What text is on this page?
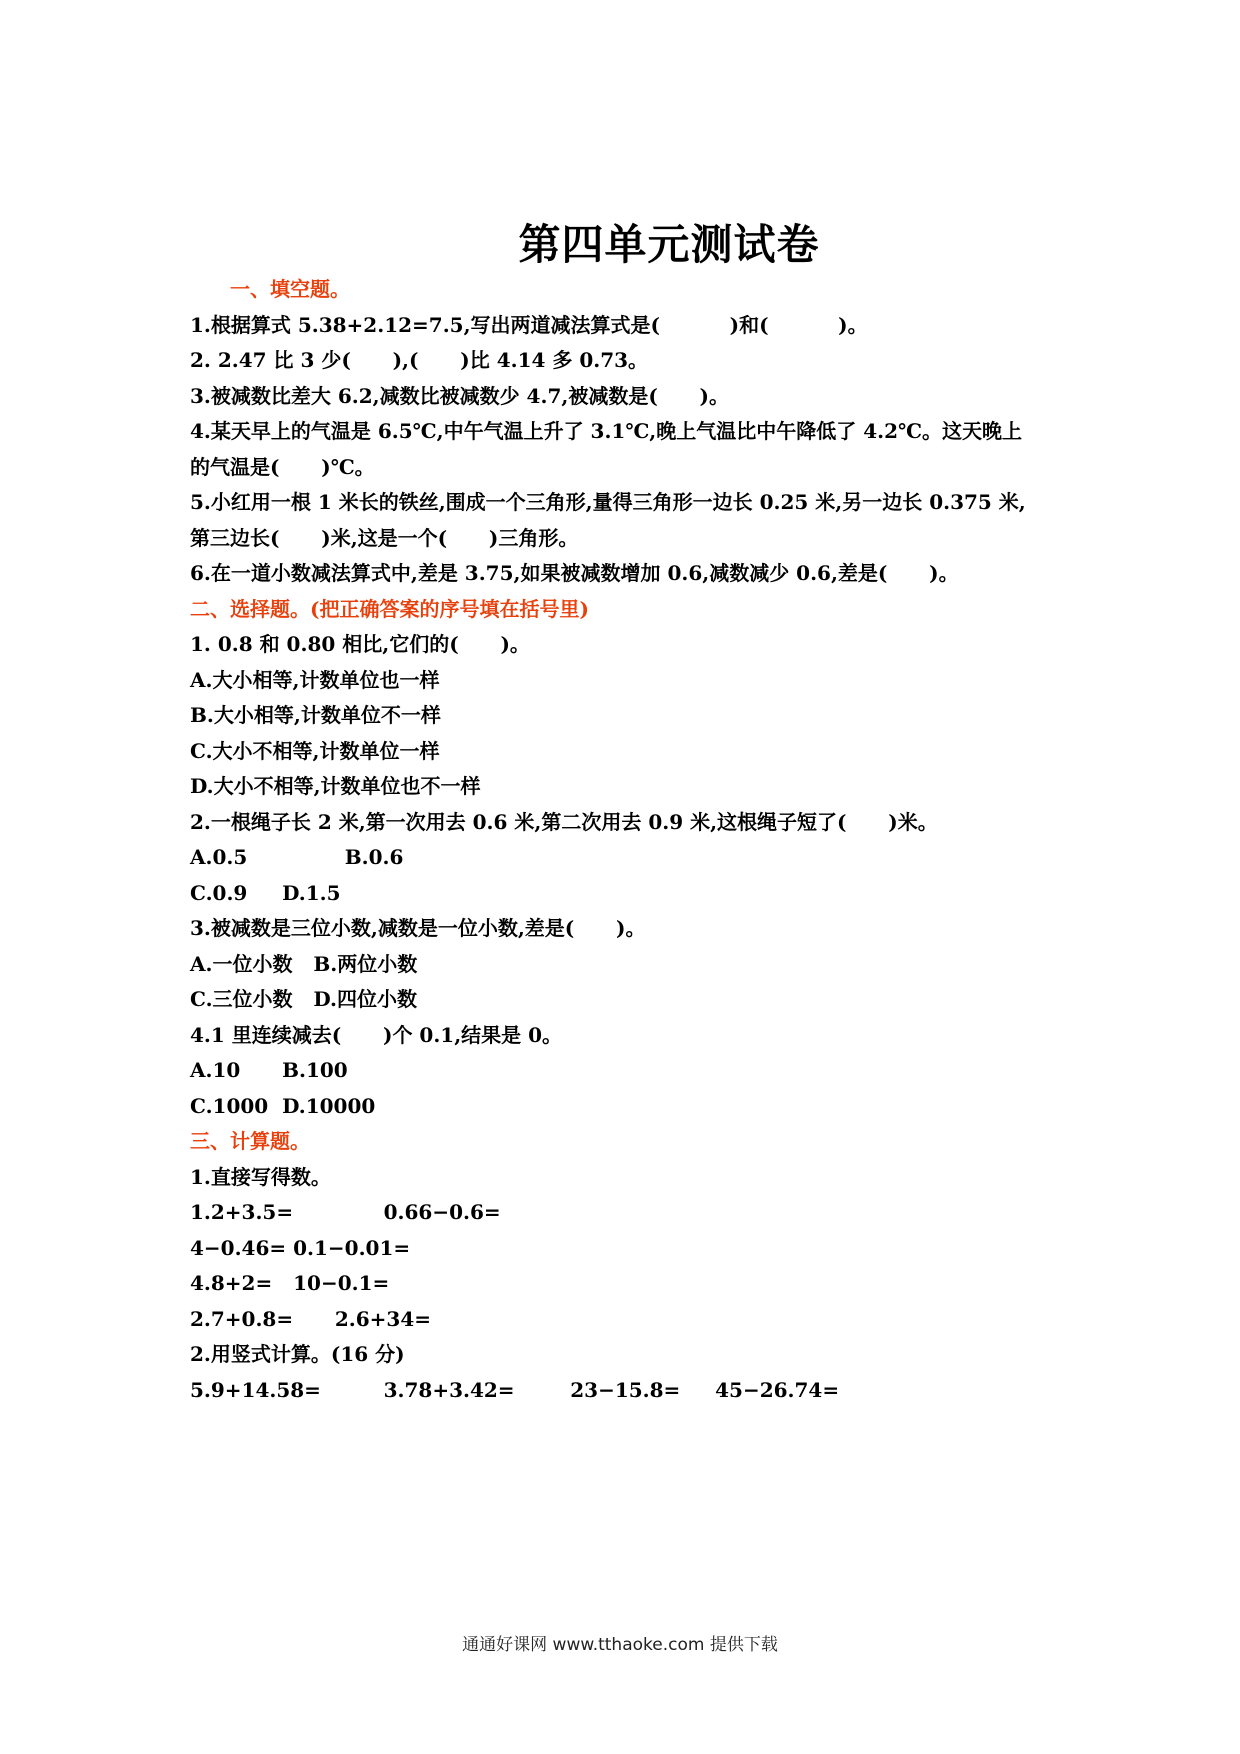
第四单元测试卷
一、填空题。
1.根据算式 5.38+2.12=7.5,写出两道减法算式是(          )和(          )。
2. 2.47 比 3 少(      ),(      )比 4.14 多 0.73。
3.被减数比差大 6.2,减数比被减数少 4.7,被减数是(      )。
4.某天早上的气温是 6.5℃,中午气温上升了 3.1℃,晚上气温比中午降低了 4.2℃。这天晚上
的气温是(      )℃。
5.小红用一根 1 米长的铁丝,围成一个三角形,量得三角形一边长 0.25 米,另一边长 0.375 米,
第三边长(      )米,这是一个(      )三角形。
6.在一道小数减法算式中,差是 3.75,如果被减数增加 0.6,减数减少 0.6,差是(      )。
二、选择题。(把正确答案的序号填在括号里)
1. 0.8 和 0.80 相比,它们的(      )。
A.大小相等,计数单位也一样
B.大小相等,计数单位不一样
C.大小不相等,计数单位一样
D.大小不相等,计数单位也不一样
2.一根绳子长 2 米,第一次用去 0.6 米,第二次用去 0.9 米,这根绳子短了(      )米。
A.0.5              B.0.6
C.0.9     D.1.5
3.被减数是三位小数,减数是一位小数,差是(      )。
A.一位小数   B.两位小数
C.三位小数   D.四位小数
4.1 里连续减去(      )个 0.1,结果是 0。
A.10      B.100
C.1000  D.10000
三、计算题。
1.直接写得数。
1.2+3.5=             0.66−0.6=
4−0.46= 0.1−0.01=
4.8+2=   10−0.1=
2.7+0.8=      2.6+34=
2.用竖式计算。(16 分)
5.9+14.58=         3.78+3.42=        23−15.8=     45−26.74=
通通好课网 www.tthaoke.com 提供下载
